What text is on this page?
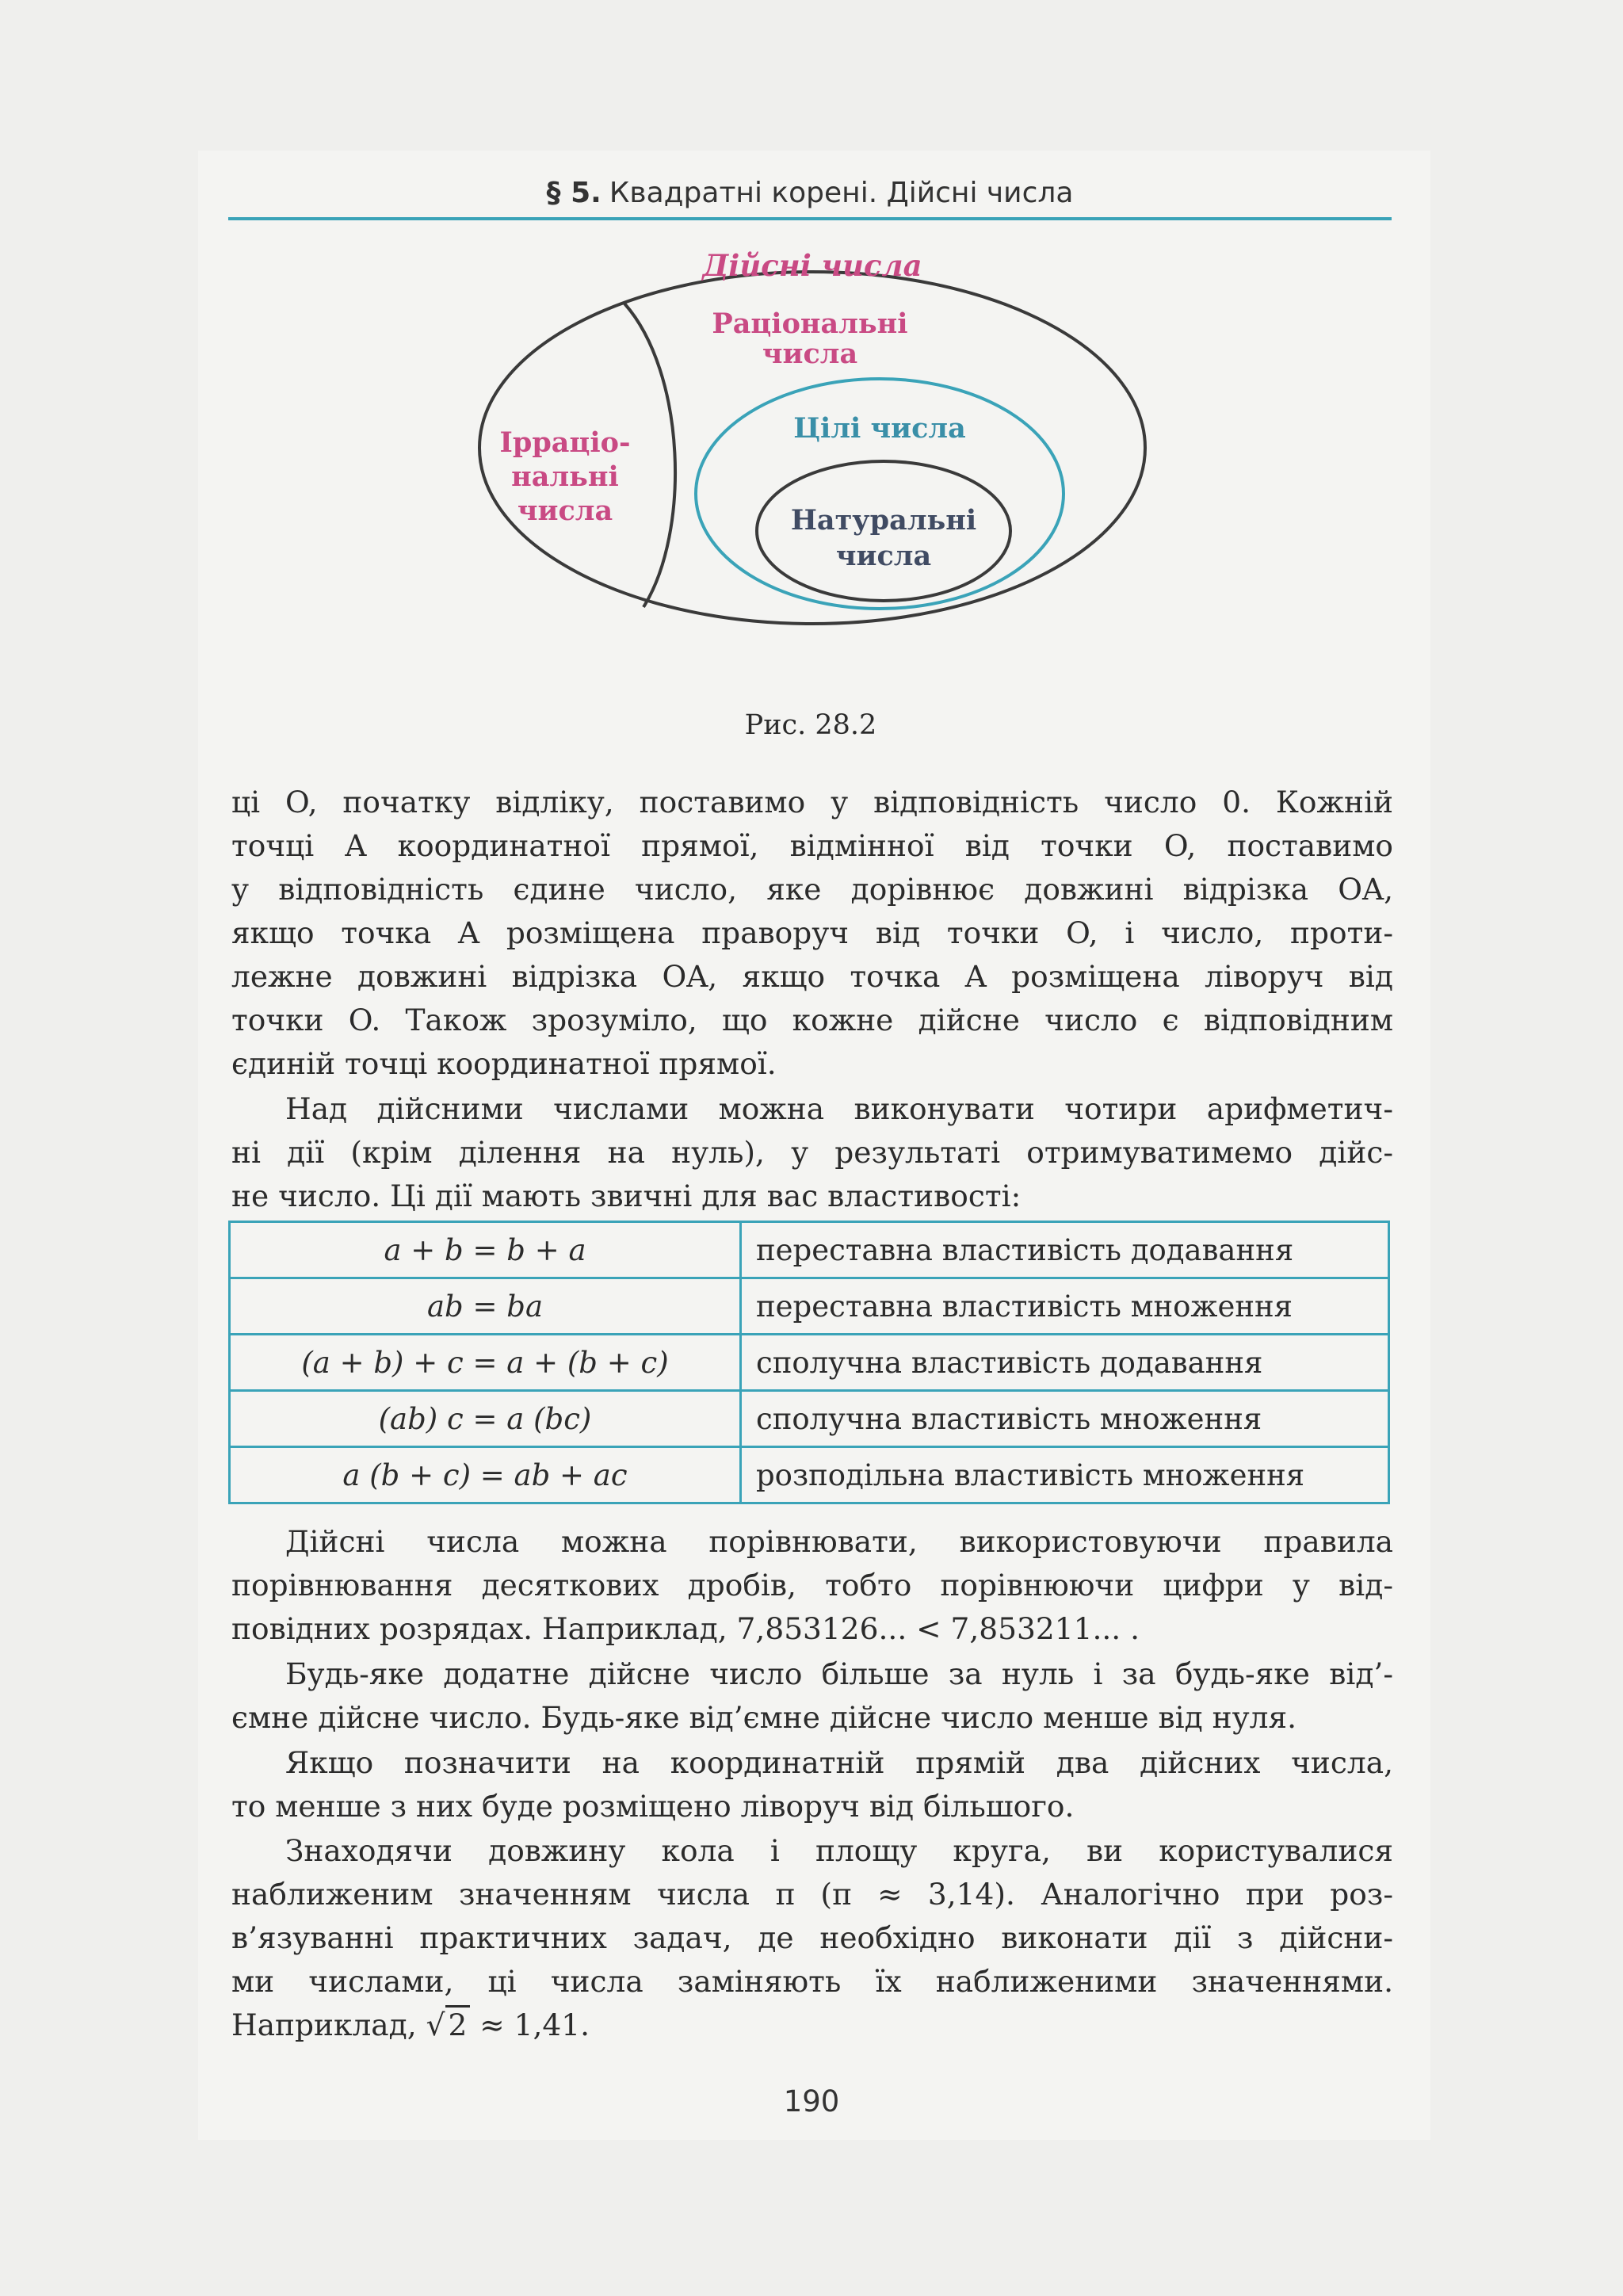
§ 5. Квадратні корені. Дійсні числа
Дійсні числа
Раціональні
числа
Ірраціо-
нальні
числа
Цілі числа
Натуральні
числа
Рис. 28.2
ці O, початку відліку, поставимо у відповідність число 0. Кожній
точці A координатної прямої, відмінної від точки O, поставимо
у відповідність єдине число, яке дорівнює довжині відрізка OA,
якщо точка A розміщена праворуч від точки O, і число, проти-
лежне довжині відрізка OA, якщо точка A розміщена ліворуч від
точки O. Також зрозуміло, що кожне дійсне число є відповідним
єдиній точці координатної прямої.
Над дійсними числами можна виконувати чотири арифметич-
ні дії (крім ділення на нуль), у результаті отримуватимемо дійс-
не число. Ці дії мають звичні для вас властивості:
a + b = b + a	переставна властивість додавання
ab = ba	переставна властивість множення
(a + b) + c = a + (b + c)	сполучна властивість додавання
(ab) c = a (bc)	сполучна властивість множення
a (b + c) = ab + ac	розподільна властивість множення
Дійсні числа можна порівнювати, використовуючи правила
порівнювання десяткових дробів, тобто порівнюючи цифри у від-
повідних розрядах. Наприклад, 7,853126... < 7,853211... .
Будь-яке додатне дійсне число більше за нуль і за будь-яке від’-
ємне дійсне число. Будь-яке від’ємне дійсне число менше від нуля.
Якщо позначити на координатній прямій два дійсних числа,
то менше з них буде розміщено ліворуч від більшого.
Знаходячи довжину кола і площу круга, ви користувалися
наближеним значенням числа π (π ≈ 3,14). Аналогічно при роз-
в’язуванні практичних задач, де необхідно виконати дії з дійсни-
ми числами, ці числа заміняють їх наближеними значеннями.
Наприклад, √ 2 ≈ 1,41.
190
